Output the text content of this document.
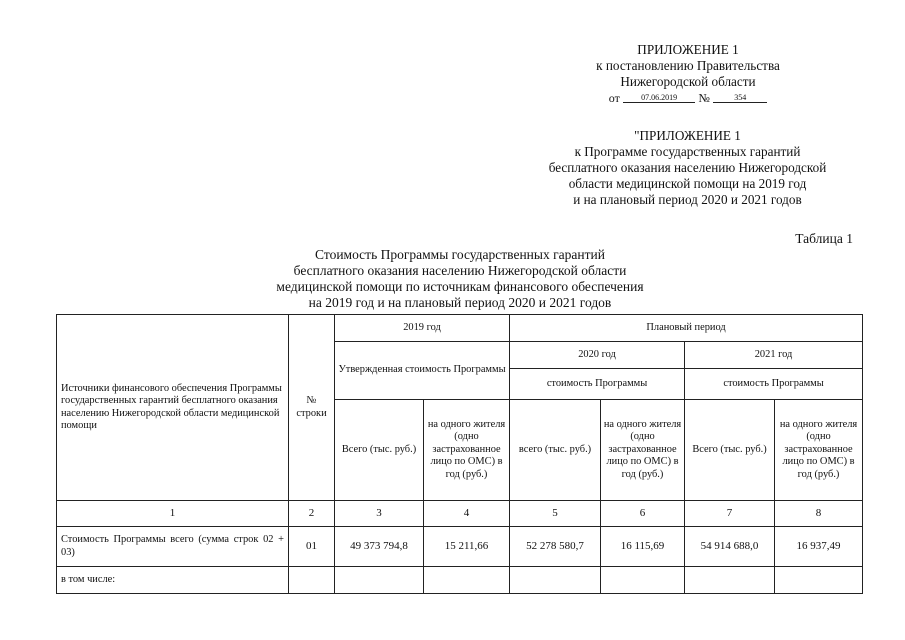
ПРИЛОЖЕНИЕ 1
к постановлению Правительства
Нижегородской области
от	07.06.2019 №	354
"ПРИЛОЖЕНИЕ 1
к Программе государственных гарантий
бесплатного оказания населению Нижегородской
области медицинской помощи на 2019 год
и на плановый период 2020 и 2021 годов
Таблица 1
Стоимость Программы государственных гарантий
бесплатного оказания населению Нижегородской области
медицинской помощи по источникам финансового обеспечения
на 2019 год и на плановый период 2020 и 2021 годов
Источники финансового обеспечения Программы государственных гарантий бесплатного оказания населению Нижегородской области медицинской помощи	№ строки	2019 год		Плановый период			
		Утвержденная стоимость Программы		2020 год		2021 год	
				стоимость Программы		стоимость Программы	
		Всего (тыс. руб.)	на одного жителя (одно застрахованное лицо по ОМС) в год (руб.)	всего (тыс. руб.)	на одного жителя (одно застрахованное лицо по ОМС) в год (руб.)	Всего (тыс. руб.)	на одного жителя (одно застрахованное лицо по ОМС) в год (руб.)
1	2	3	4	5	6	7	8
Стоимость Программы всего (сумма строк 02 + 03)	01	49 373 794,8	15 211,66	52 278 580,7	16 115,69	54 914 688,0	16 937,49
в том числе:							
